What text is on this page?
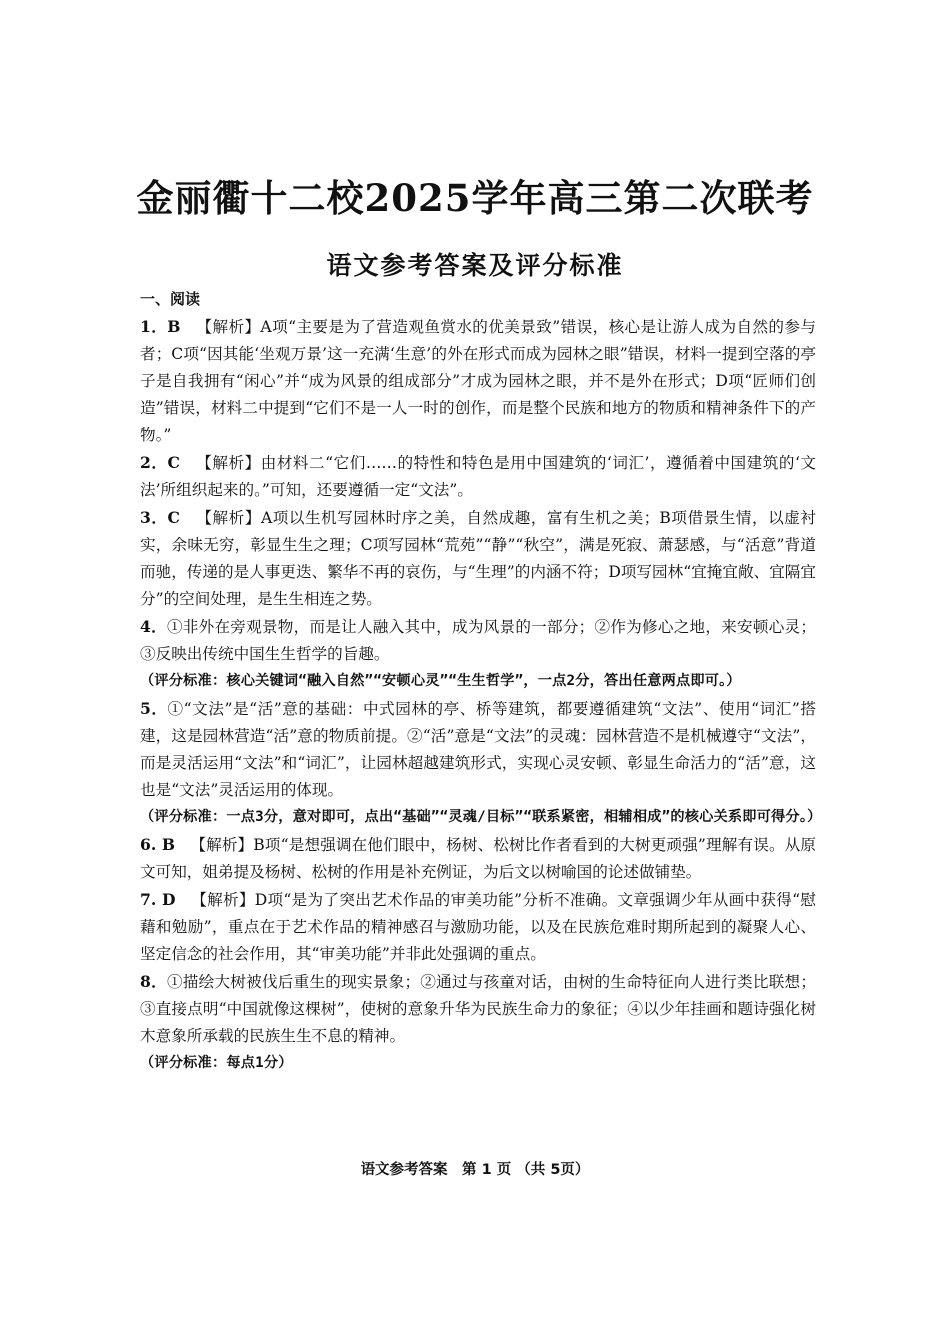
金丽衢十二校2025学年高三第二次联考
语文参考答案及评分标准

一、阅读

1．B 【解析】A项“主要是为了营造观鱼赏水的优美景致”错误，核心是让游人成为自然的参与者；C项“因其能‘坐观万景’这一充满‘生意’的外在形式而成为园林之眼”错误，材料一提到空落的亭子是自我拥有“闲心”并“成为风景的组成部分”才成为园林之眼，并不是外在形式；D项“匠师们创造”错误，材料二中提到“它们不是一人一时的创作，而是整个民族和地方的物质和精神条件下的产物。”

2．C 【解析】由材料二“它们……的特性和特色是用中国建筑的‘词汇’，遵循着中国建筑的‘文法’所组织起来的。”可知，还要遵循一定“文法”。

3．C 【解析】A项以生机写园林时序之美，自然成趣，富有生机之美；B项借景生情，以虚衬实，余味无穷，彰显生生之理；C项写园林“荒苑”“静”“秋空”，满是死寂、萧瑟感，与“活意”背道而驰，传递的是人事更迭、繁华不再的哀伤，与“生理”的内涵不符；D项写园林“宜掩宜敞、宜隔宜分”的空间处理，是生生相连之势。

4．①非外在旁观景物，而是让人融入其中，成为风景的一部分；②作为修心之地，来安顿心灵；③反映出传统中国生生哲学的旨趣。

（评分标准：核心关键词“融入自然”“安顿心灵”“生生哲学”，一点2分，答出任意两点即可。）

5．①“文法”是“活”意的基础：中式园林的亭、桥等建筑，都要遵循建筑“文法”、使用“词汇”搭建，这是园林营造“活”意的物质前提。②“活”意是“文法”的灵魂：园林营造不是机械遵守“文法”，而是灵活运用“文法”和“词汇”，让园林超越建筑形式，实现心灵安顿、彰显生命活力的“活”意，这也是“文法”灵活运用的体现。

（评分标准：一点3分，意对即可，点出“基础”“灵魂/目标”“联系紧密，相辅相成”的核心关系即可得分。）

6. B 【解析】B项“是想强调在他们眼中，杨树、松树比作者看到的大树更顽强”理解有误。从原文可知，姐弟提及杨树、松树的作用是补充例证，为后文以树喻国的论述做铺垫。

7. D 【解析】D项“是为了突出艺术作品的审美功能”分析不准确。文章强调少年从画中获得“慰藉和勉励”，重点在于艺术作品的精神感召与激励功能，以及在民族危难时期所起到的凝聚人心、坚定信念的社会作用，其“审美功能”并非此处强调的重点。

8．①描绘大树被伐后重生的现实景象；②通过与孩童对话，由树的生命特征向人进行类比联想；③直接点明“中国就像这棵树”，使树的意象升华为民族生命力的象征；④以少年挂画和题诗强化树木意象所承载的民族生生不息的精神。

（评分标准：每点1分）

语文参考答案　第 1 页 （共 5页）
